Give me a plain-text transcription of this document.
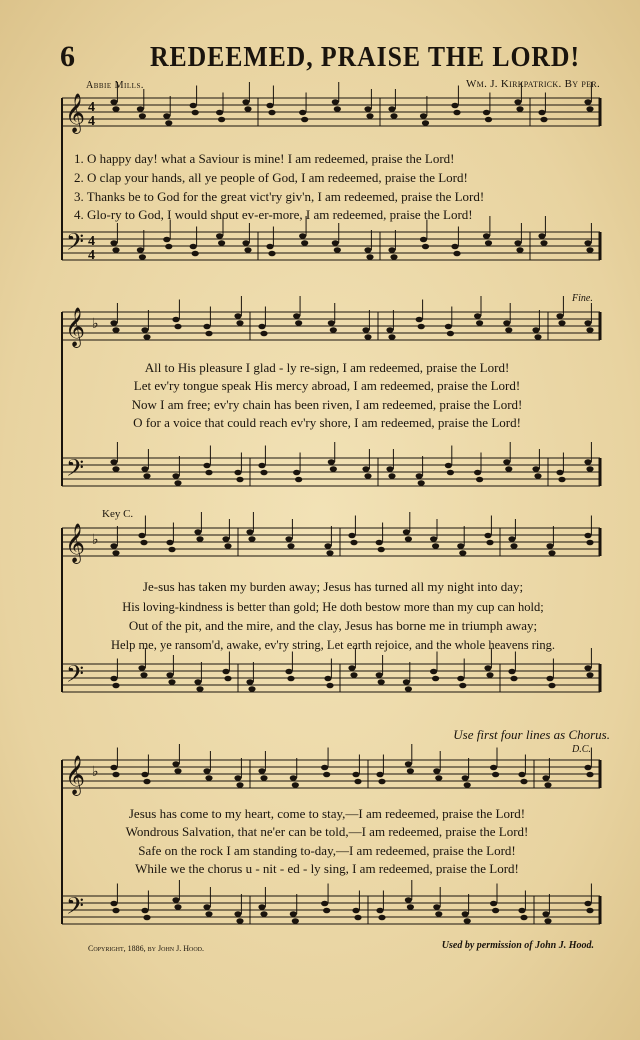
6	REDEEMED, PRAISE THE LORD!
Abbie Mills.	Wm. J. Kirkpatrick. By per.
𝄞
𝄢
4
4
4
4
𝄞
𝄢
♭
𝄞
𝄢
♭
𝄞
𝄢
♭
1. O happy day! what a Saviour is mine! I am redeemed, praise the Lord!
2. O clap your hands, all ye people of God, I am redeemed, praise the Lord!
3. Thanks be to God for the great vict'ry giv'n, I am redeemed, praise the Lord!
4. Glo-ry to God, I would shout ev-er-more, I am redeemed, praise the Lord!
Fine.
All to His pleasure I glad - ly re-sign, I am redeemed, praise the Lord!
Let ev'ry tongue speak His mercy abroad, I am redeemed, praise the Lord!
Now I am free; ev'ry chain has been riven, I am redeemed, praise the Lord!
O for a voice that could reach ev'ry shore, I am redeemed, praise the Lord!
Key C.
Je-sus has taken my burden away; Jesus has turned all my night into day;
His loving-kindness is better than gold; He doth bestow more than my cup can hold;
Out of the pit, and the mire, and the clay, Jesus has borne me in triumph away;
Help me, ye ransom'd, awake, ev'ry string, Let earth rejoice, and the whole heavens ring.
Use first four lines as Chorus.
D.C.
Jesus has come to my heart, come to stay,—I am redeemed, praise the Lord!
Wondrous Salvation, that ne'er can be told,—I am redeemed, praise the Lord!
Safe on the rock I am standing to-day,—I am redeemed, praise the Lord!
While we the chorus u - nit - ed - ly sing, I am redeemed, praise the Lord!
Copyright, 1886, by John J. Hood.	Used by permission of John J. Hood.
